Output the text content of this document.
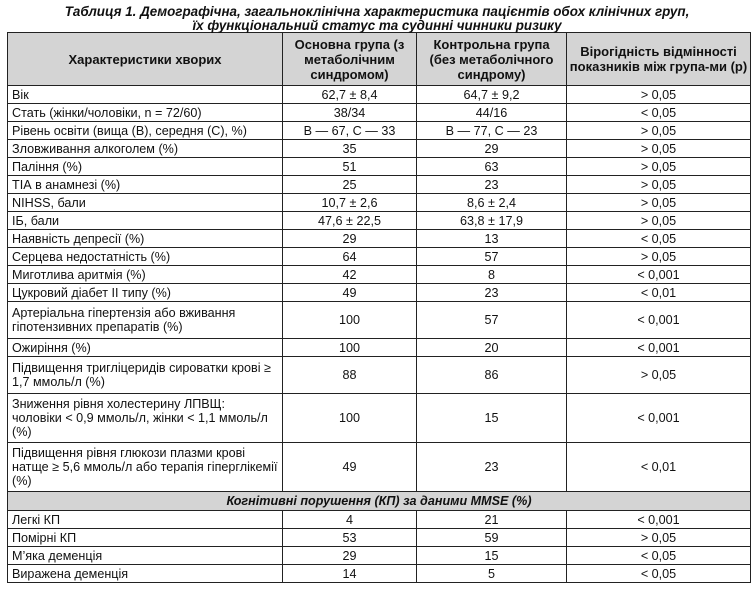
Таблиця 1. Демографічна, загальноклінічна характеристика пацієнтів обох клінічних груп,
їх функціональний статус та судинні чинники ризику
Характеристики хворих	Основна група (з метаболічним синдромом)	Контрольна група (без метаболічного синдрому)	Вірогідність відмінності показників між група-ми (р)
Вік	62,7 ± 8,4	64,7 ± 9,2	> 0,05
Стать (жінки/чоловіки, n = 72/60)	38/34	44/16	< 0,05
Рівень освіти (вища (В), середня (С), %)	В — 67, С — 33	В — 77, С — 23	> 0,05
Зловживання алкоголем (%)	35	29	> 0,05
Паління (%)	51	63	> 0,05
ТІА в анамнезі (%)	25	23	> 0,05
NIHSS, бали	10,7 ± 2,6	8,6 ± 2,4	> 0,05
ІБ, бали	47,6 ± 22,5	63,8 ± 17,9	> 0,05
Наявність депресії (%)	29	13	< 0,05
Серцева недостатність (%)	64	57	> 0,05
Миготлива аритмія (%)	42	8	< 0,001
Цукровий діабет ІІ типу (%)	49	23	< 0,01
Артеріальна гіпертензія або вживання гіпотензивних препаратів (%)	100	57	< 0,001
Ожиріння (%)	100	20	< 0,001
Підвищення тригліцеридів сироватки крові ≥ 1,7 ммоль/л (%)	88	86	> 0,05
Зниження рівня холестерину ЛПВЩ: чоловіки < 0,9 ммоль/л, жінки < 1,1 ммоль/л (%)	100	15	< 0,001
Підвищення рівня глюкози плазми крові натще ≥ 5,6 ммоль/л або терапія гіперглікемії (%)	49	23	< 0,01
Когнітивні порушення (КП) за даними MMSE (%)			
Легкі КП	4	21	< 0,001
Помірні КП	53	59	> 0,05
М’яка деменція	29	15	< 0,05
Виражена деменція	14	5	< 0,05
